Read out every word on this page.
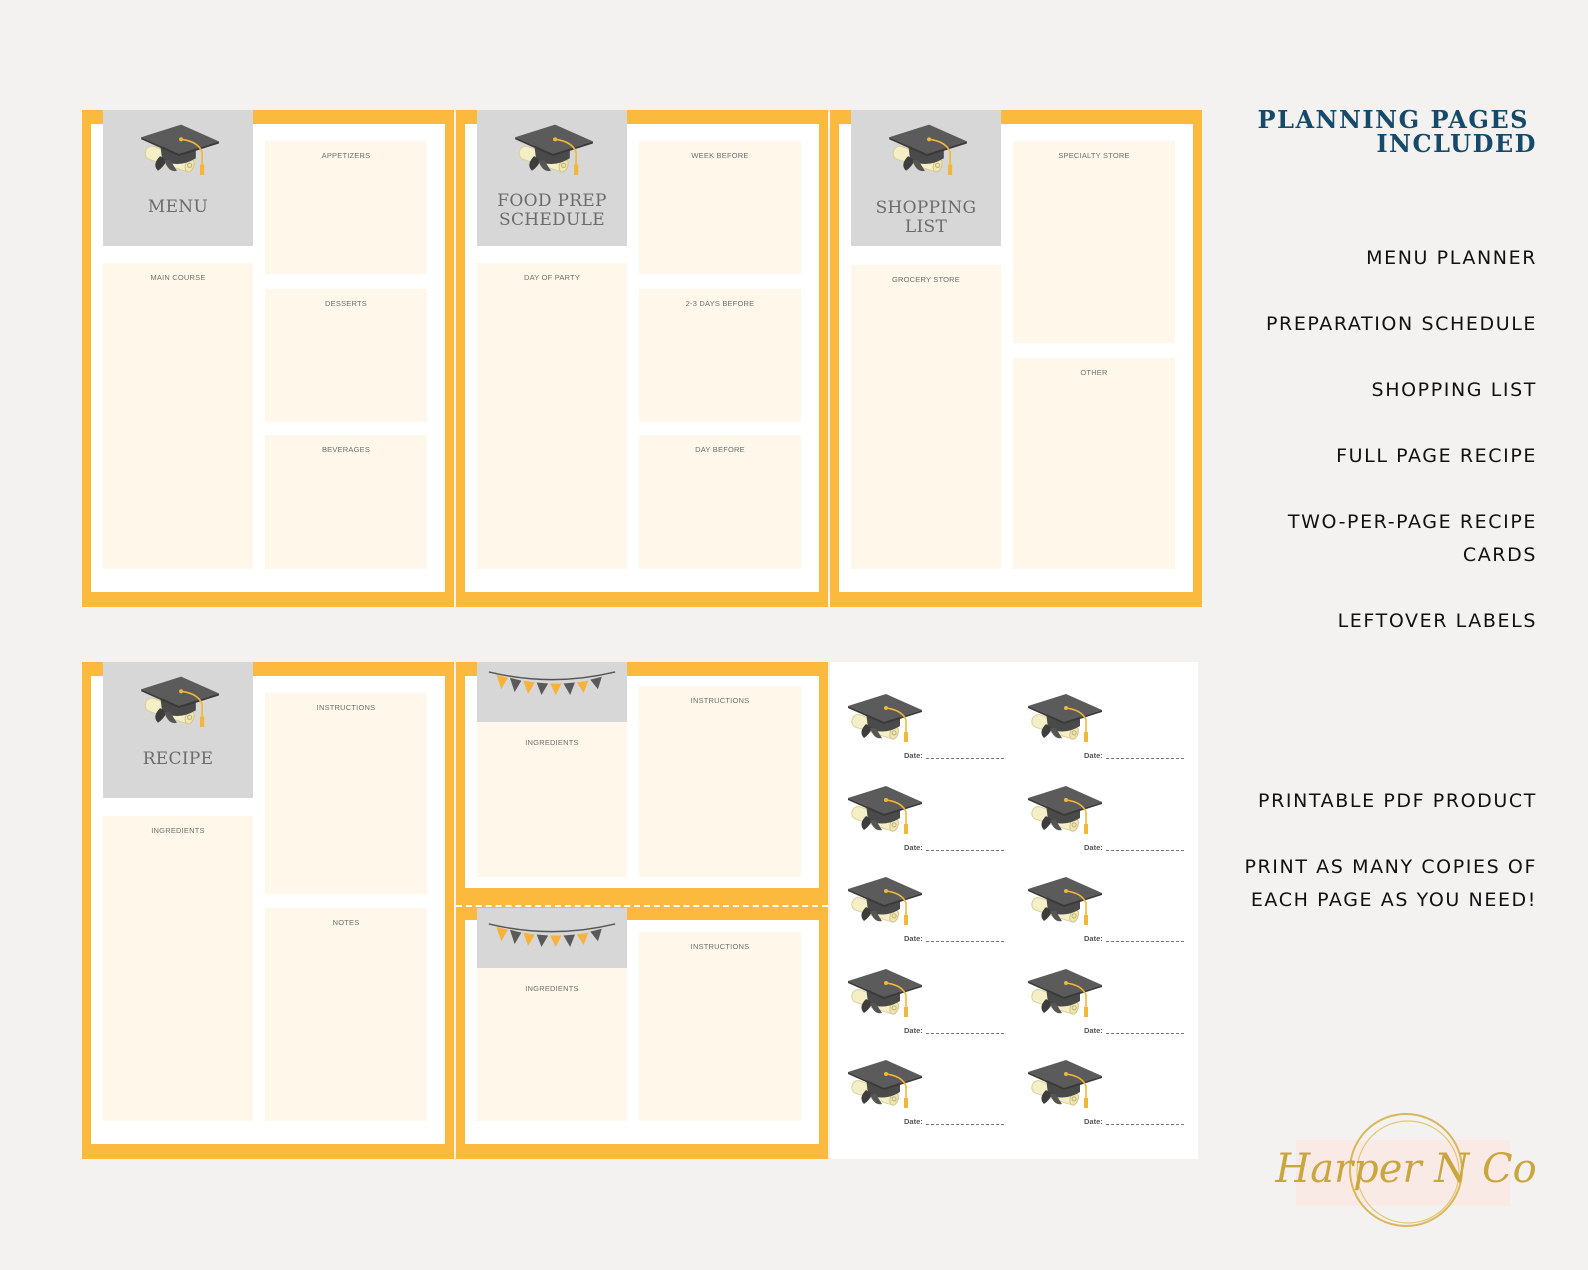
MENU
APPETIZERS
MAIN COURSE
DESSERTS
BEVERAGES
FOOD PREP
SCHEDULE
WEEK BEFORE
DAY OF PARTY
2-3 DAYS BEFORE
DAY BEFORE
SHOPPING
LIST
SPECIALTY STORE
GROCERY STORE
OTHER
RECIPE
INSTRUCTIONS
INGREDIENTS
NOTES
INGREDIENTS
INSTRUCTIONS
INGREDIENTS
INSTRUCTIONS
Date:	Date:
Date:	Date:
Date:	Date:
Date:	Date:
Date:	Date:
PLANNING PAGES
INCLUDED
MENU PLANNER
PREPARATION SCHEDULE
SHOPPING LIST
FULL PAGE RECIPE
TWO-PER-PAGE RECIPE
CARDS
LEFTOVER LABELS
PRINTABLE PDF PRODUCT
PRINT AS MANY COPIES OF
EACH PAGE AS YOU NEED!
Harper N Co
